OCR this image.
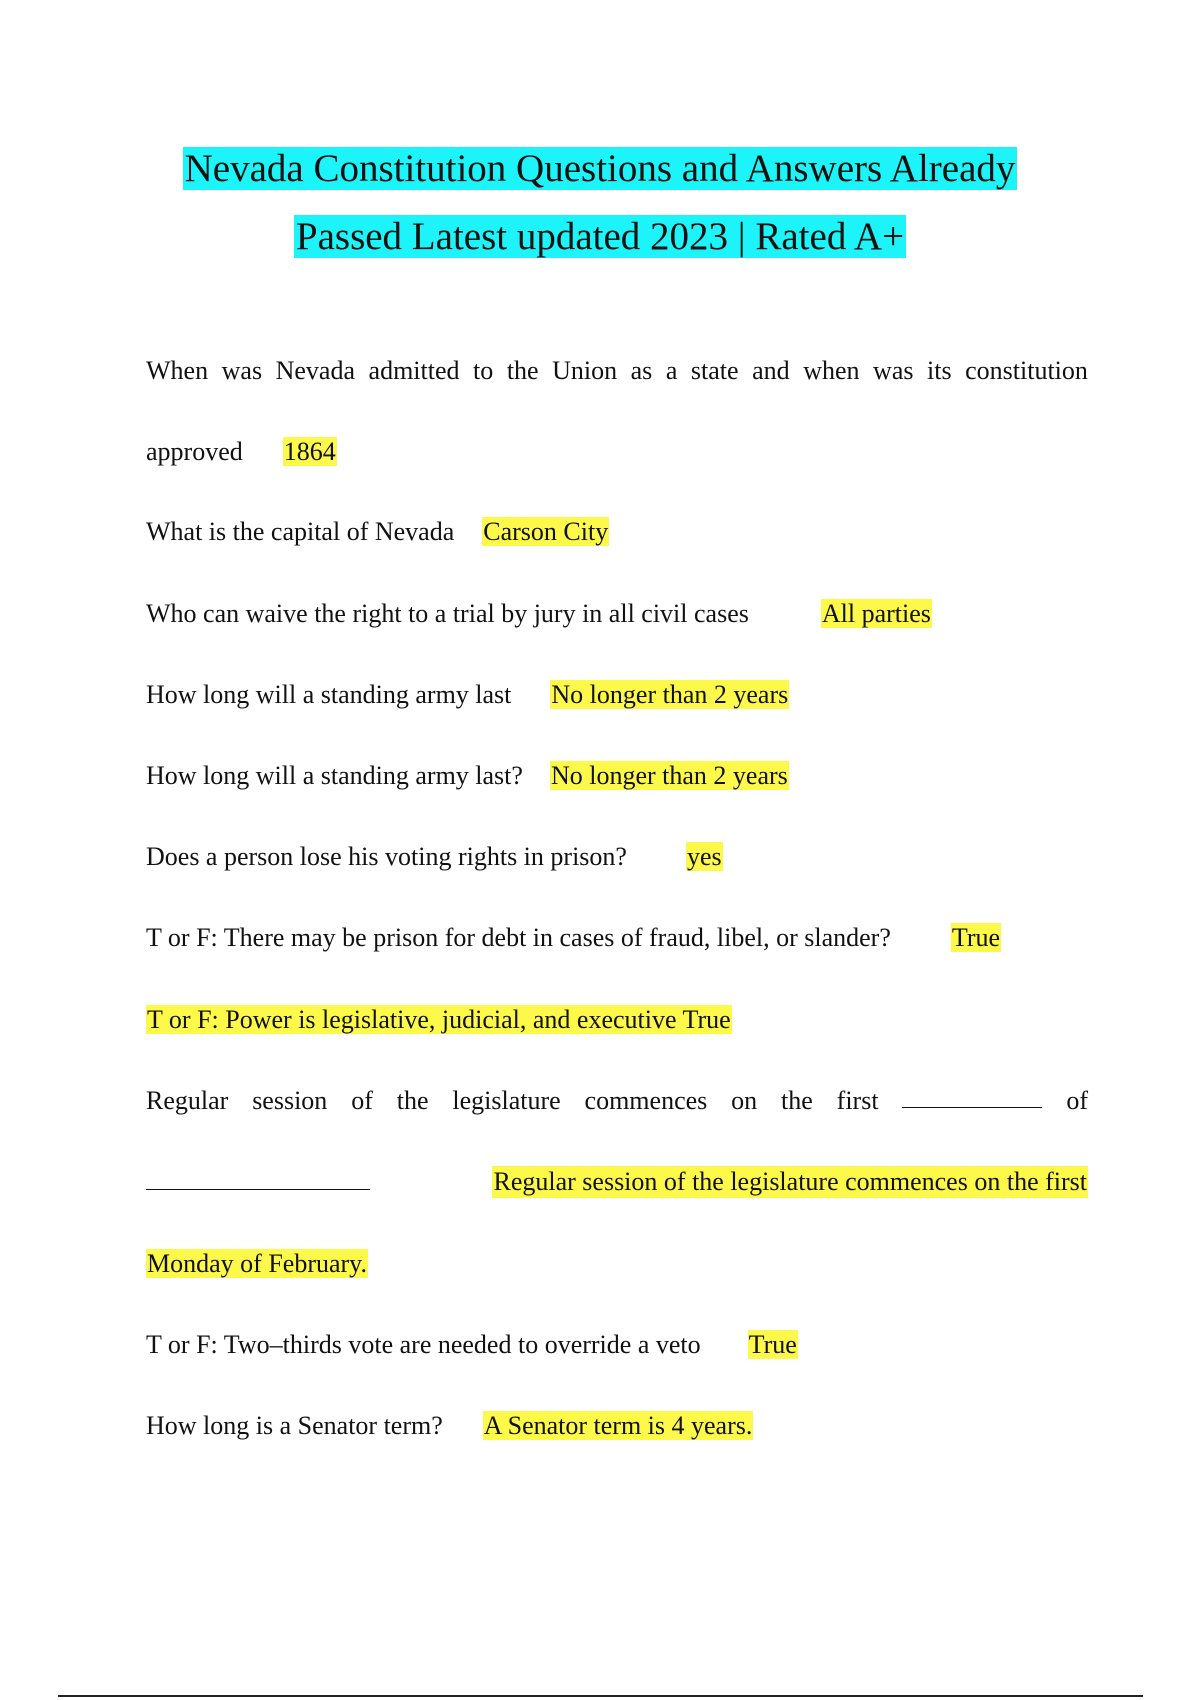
Nevada Constitution Questions and Answers Already
Passed Latest updated 2023 | Rated A+
When was Nevada admitted to the Union as a state and when was its constitution
approved 1864
What is the capital of Nevada Carson City
Who can waive the right to a trial by jury in all civil cases	All parties
How long will a standing army last No longer than 2 years
How long will a standing army last? No longer than 2 years
Does a person lose his voting rights in prison? yes
T or F: There may be prison for debt in cases of fraud, libel, or slander? True
T or F: Power is legislative, judicial, and executive True
Regular session of the legislature commences on the first	of
Regular session of the legislature commences on the first
Monday of February.
T or F: Two–thirds vote are needed to override a veto True
How long is a Senator term? A Senator term is 4 years.
